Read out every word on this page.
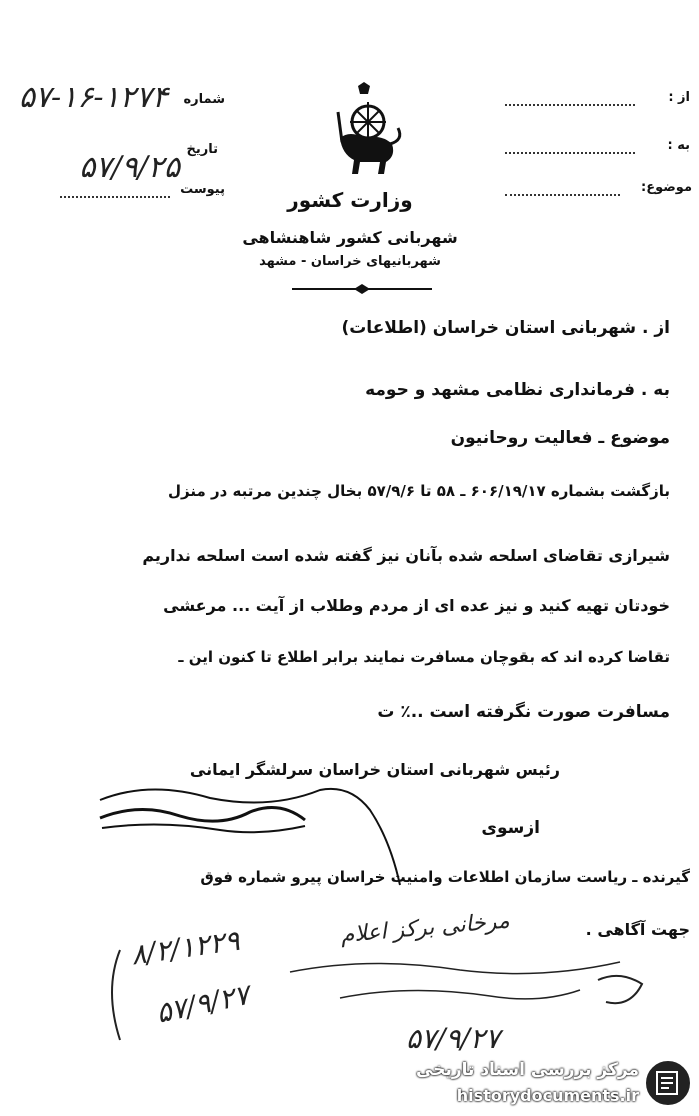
۵۷-۱۶-۱۲۷۴	شماره
۵۷/۹/۲۵
تاریخ
پیوست	وزارت کشور
شهربانی کشور شاهنشاهی
شهربانیهای خراسان - مشهد
از :
به :
موضوع:
از . شهربانی استان خراسان (اطلاعات)
به . فرمانداری نظامی مشهد و حومه
موضوع ـ فعالیت روحانیون
بازگشت بشماره ۶۰۶/۱۹/۱۷ ـ ۵۸ تا ۵۷/۹/۶ بخال چندین مرتبه در منزل
شیرازی تقاضای اسلحه شده بآنان نیز گفته شده است اسلحه نداریم
خودتان تهیه کنید و نیز عده ای از مردم وطلاب از آیت ... مرعشی
تقاضا کرده اند که بقوچان مسافرت نمایند برابر اطلاع تا کنون این ـ
مسافرت صورت نگرفته است ..٪ ت
رئیس شهربانی استان خراسان سرلشگر ایمانی
ازسوی
گیرنده ـ ریاست سازمان اطلاعات وامنیت خراسان پیرو شماره فوق
جهت آگاهی .
مرخانی برکز اعلام
۵۷/۹/۲۷
۸/۲/۱۲۲۹
۵۷/۹/۲۷
مرکز بررسی اسناد تاریخی
historydocuments.ir
